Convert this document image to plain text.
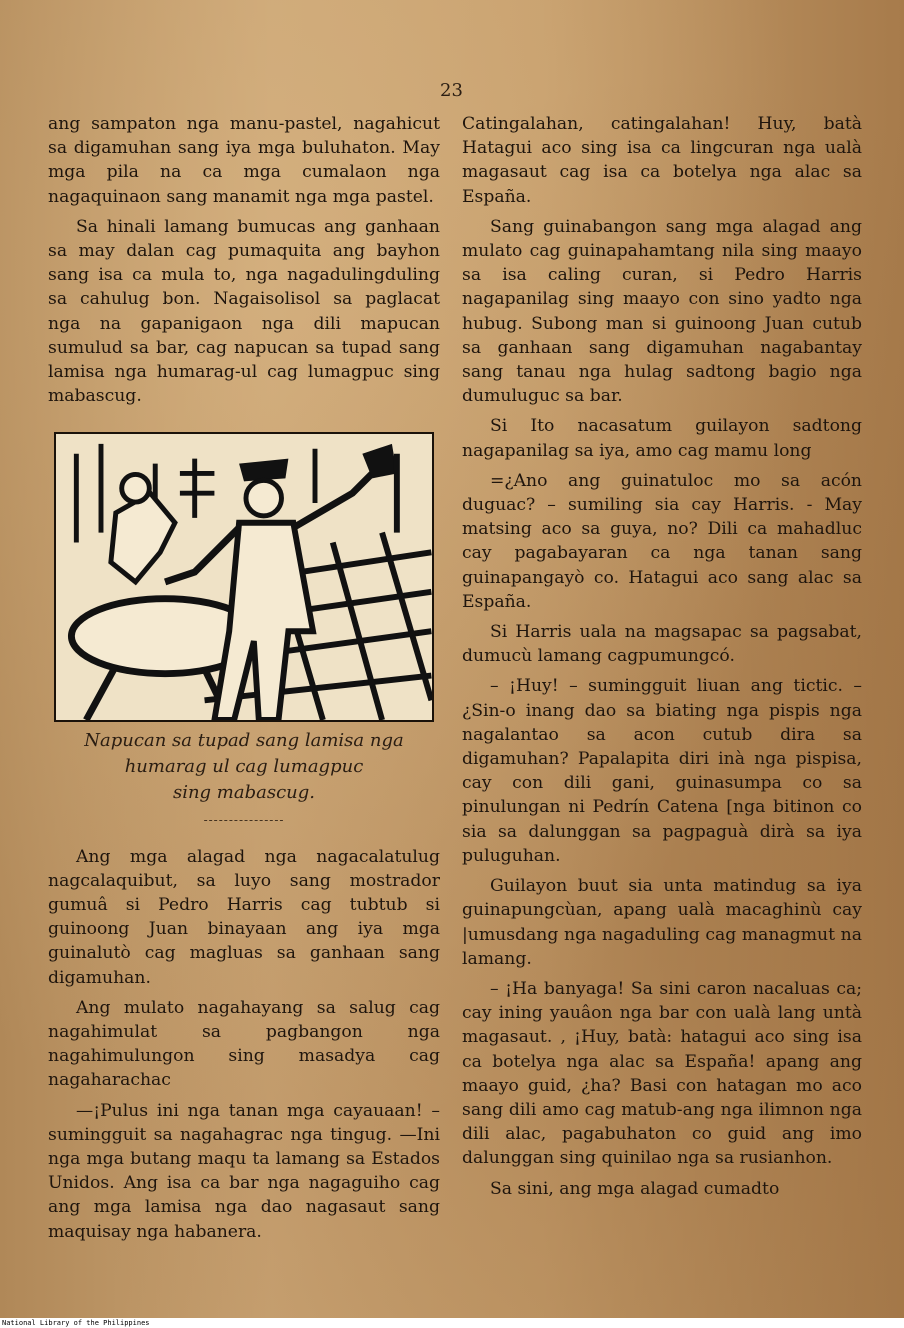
23

ang sampaton nga manu-pastel, nagahicut sa digamuhan sang iya mga buluhaton. May mga pila na ca mga cumalaon nga nagaquinaon sang manamit nga mga pastel.

Sa hinali lamang bumucas ang ganhaan sa may dalan cag pumaquita ang bayhon sang isa ca mula to, nga nagadulingduling sa cahulug bon. Nagaisolisol sa paglacat nga na gapanigaon nga dili mapucan sumulud sa bar, cag napucan sa tupad sang lamisa nga humarag-ul cag lumagpuc sing mabascug.

Napucan sa tupad sang lamisa nga
humarag ul cag lumagpuc
sing mabascug.
----------------

Ang mga alagad nga nagacalatulug nagcalaquibut, sa luyo sang mostrador gumuâ si Pedro Harris cag tubtub si guinoong Juan binayaan ang iya mga guinalutò cag magluas sa ganhaan sang digamuhan.

Ang mulato nagahayang sa salug cag nagahimulat sa pagbangon nga nagahimulungon sing masadya cag nagaharachac

—¡Pulus ini nga tanan mga cayauaan! – sumingguit sa nagahagrac nga tingug. —Ini nga mga butang maqu ta lamang sa Estados Unidos. Ang isa ca bar nga nagaguiho cag ang mga lamisa nga dao nagasaut sang maquisay nga habanera.

Catingalahan, catingalahan! Huy, batà Hatagui aco sing isa ca lingcuran nga ualà magasaut cag isa ca botelya nga alac sa España.

Sang guinabangon sang mga alagad ang mulato cag guinapahamtang nila sing maayo sa isa caling curan, si Pedro Harris nagapanilag sing maayo con sino yadto nga hubug. Subong man si guinoong Juan cutub sa ganhaan sang digamuhan nagabantay sang tanau nga hulag sadtong bagio nga dumuluguc sa bar.

Si Ito nacasatum guilayon sadtong nagapanilag sa iya, amo cag mamu long

=¿Ano ang guinatuloc mo sa acón duguac? – sumiling sia cay Harris. - May matsing aco sa guya, no? Dili ca mahadluc cay pagabayaran ca nga tanan sang guinapangayò co. Hatagui aco sang alac sa España.

Si Harris uala na magsapac sa pagsabat, dumucù lamang cagpumungcó.

– ¡Huy! – sumingguit liuan ang tictic. – ¿Sin-o inang dao sa biating nga pispis nga nagalantao sa acon cutub dira sa digamuhan? Papalapita diri inà nga pispisa, cay con dili gani, guinasumpa co sa pinulungan ni Pedrín Catena [nga bitinon co sia sa dalunggan sa pagpaguà dirà sa iya puluguhan.

Guilayon buut sia unta matindug sa iya guinapungcùan, apang ualà macaghinù cay |umusdang nga nagaduling cag managmut na lamang.

– ¡Ha banyaga! Sa sini caron nacaluas ca; cay ining yauâon nga bar con ualà lang untà magasaut. , ¡Huy, batà: hatagui aco sing isa ca botelya nga alac sa España! apang ang maayo guid, ¿ha? Basi con hatagan mo aco sang dili amo cag matub-ang nga ilimnon nga dili alac, pagabuhaton co guid ang imo dalunggan sing quinilao nga sa rusianhon.

Sa sini, ang mga alagad cumadto

National Library of the Philippines
